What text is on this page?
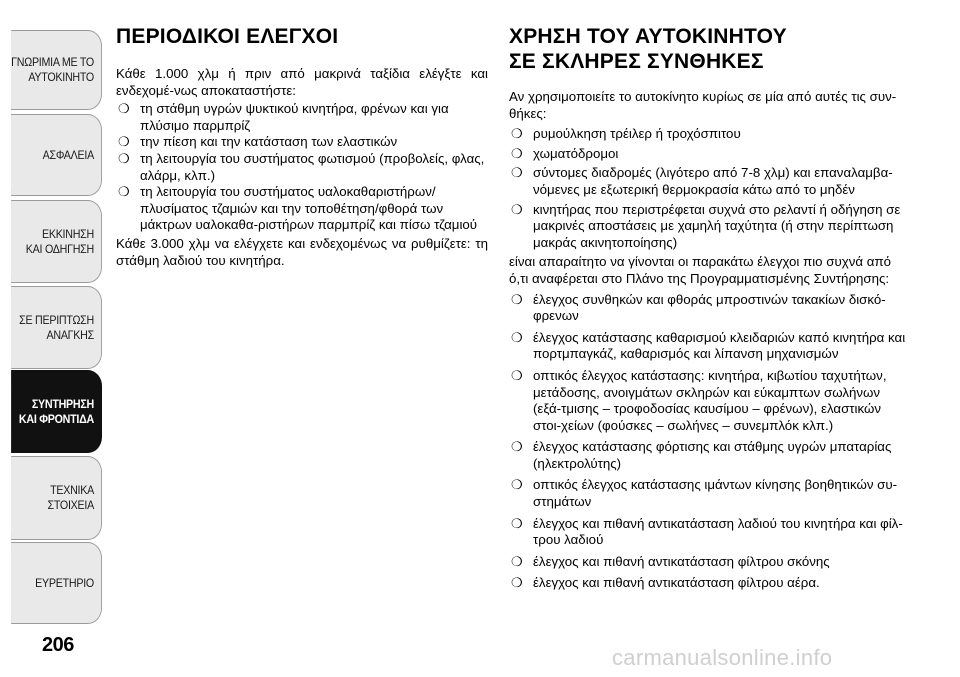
ΓΝΩΡΙΜΙΑ ΜΕ ΤΟ
ΑΥΤΟΚΙΝΗΤΟ
ΑΣΦΑΛΕΙΑ
ΕΚΚΙΝΗΣΗ
ΚΑΙ ΟΔΗΓΗΣΗ
ΣΕ ΠΕΡΙΠΤΩΣΗ
ΑΝΑΓΚΗΣ
ΣΥΝΤΗΡΗΣΗ
ΚΑΙ ΦΡΟΝΤΙΔΑ
ΤΕΧΝΙΚΑ
ΣΤΟΙΧΕΙΑ
ΕΥΡΕΤΗΡΙΟ
206
ΠΕΡΙΟΔΙΚΟΙ ΕΛΕΓΧΟΙ

Κάθε 1.000 χλμ ή πριν από μακρινά ταξίδια ελέγξτε και ενδεχομέ-νως αποκαταστήστε:

❍ τη στάθμη υγρών ψυκτικού κινητήρα, φρένων και για πλύσιμο παρμπρίζ
❍ την πίεση και την κατάσταση των ελαστικών
❍ τη λειτουργία του συστήματος φωτισμού (προβολείς, φλας, αλάρμ, κλπ.)
❍ τη λειτουργία του συστήματος υαλοκαθαριστήρων/πλυσίματος τζαμιών και την τοποθέτηση/φθορά των μάκτρων υαλοκαθα-ριστήρων παρμπρίζ και πίσω τζαμιού

Κάθε 3.000 χλμ να ελέγχετε και ενδεχομένως να ρυθμίζετε: τη στάθμη λαδιού του κινητήρα.

ΧΡΗΣΗ ΤΟΥ ΑΥΤΟΚΙΝΗΤΟΥ
ΣΕ ΣΚΛΗΡΕΣ ΣΥΝΘΗΚΕΣ

Αν χρησιμοποιείτε το αυτοκίνητο κυρίως σε μία από αυτές τις συν-θήκες:

❍ ρυμούλκηση τρέιλερ ή τροχόσπιτου
❍ χωματόδρομοι
❍ σύντομες διαδρομές (λιγότερο από 7-8 χλμ) και επαναλαμβα-νόμενες με εξωτερική θερμοκρασία κάτω από το μηδέν
❍ κινητήρας που περιστρέφεται συχνά στο ρελαντί ή οδήγηση σε μακρινές αποστάσεις με χαμηλή ταχύτητα (ή στην περίπτωση μακράς ακινητοποίησης)

είναι απαραίτητο να γίνονται οι παρακάτω έλεγχοι πιο συχνά από ό,τι αναφέρεται στο Πλάνο της Προγραμματισμένης Συντήρησης:

❍ έλεγχος συνθηκών και φθοράς μπροστινών τακακίων δισκό-φρενων
❍ έλεγχος κατάστασης καθαρισμού κλειδαριών καπό κινητήρα και πορτμπαγκάζ, καθαρισμός και λίπανση μηχανισμών
❍ οπτικός έλεγχος κατάστασης: κινητήρα, κιβωτίου ταχυτήτων, μετάδοσης, ανοιγμάτων σκληρών και εύκαμπτων σωλήνων (εξά-τμισης – τροφοδοσίας καυσίμου – φρένων), ελαστικών στοι-χείων (φούσκες – σωλήνες – συνεμπλόκ κλπ.)
❍ έλεγχος κατάστασης φόρτισης και στάθμης υγρών μπαταρίας (ηλεκτρολύτης)
❍ οπτικός έλεγχος κατάστασης ιμάντων κίνησης βοηθητικών συ-στημάτων
❍ έλεγχος και πιθανή αντικατάσταση λαδιού του κινητήρα και φίλ-τρου λαδιού
❍ έλεγχος και πιθανή αντικατάσταση φίλτρου σκόνης
❍ έλεγχος και πιθανή αντικατάσταση φίλτρου αέρα.
carmanualsonline.info
